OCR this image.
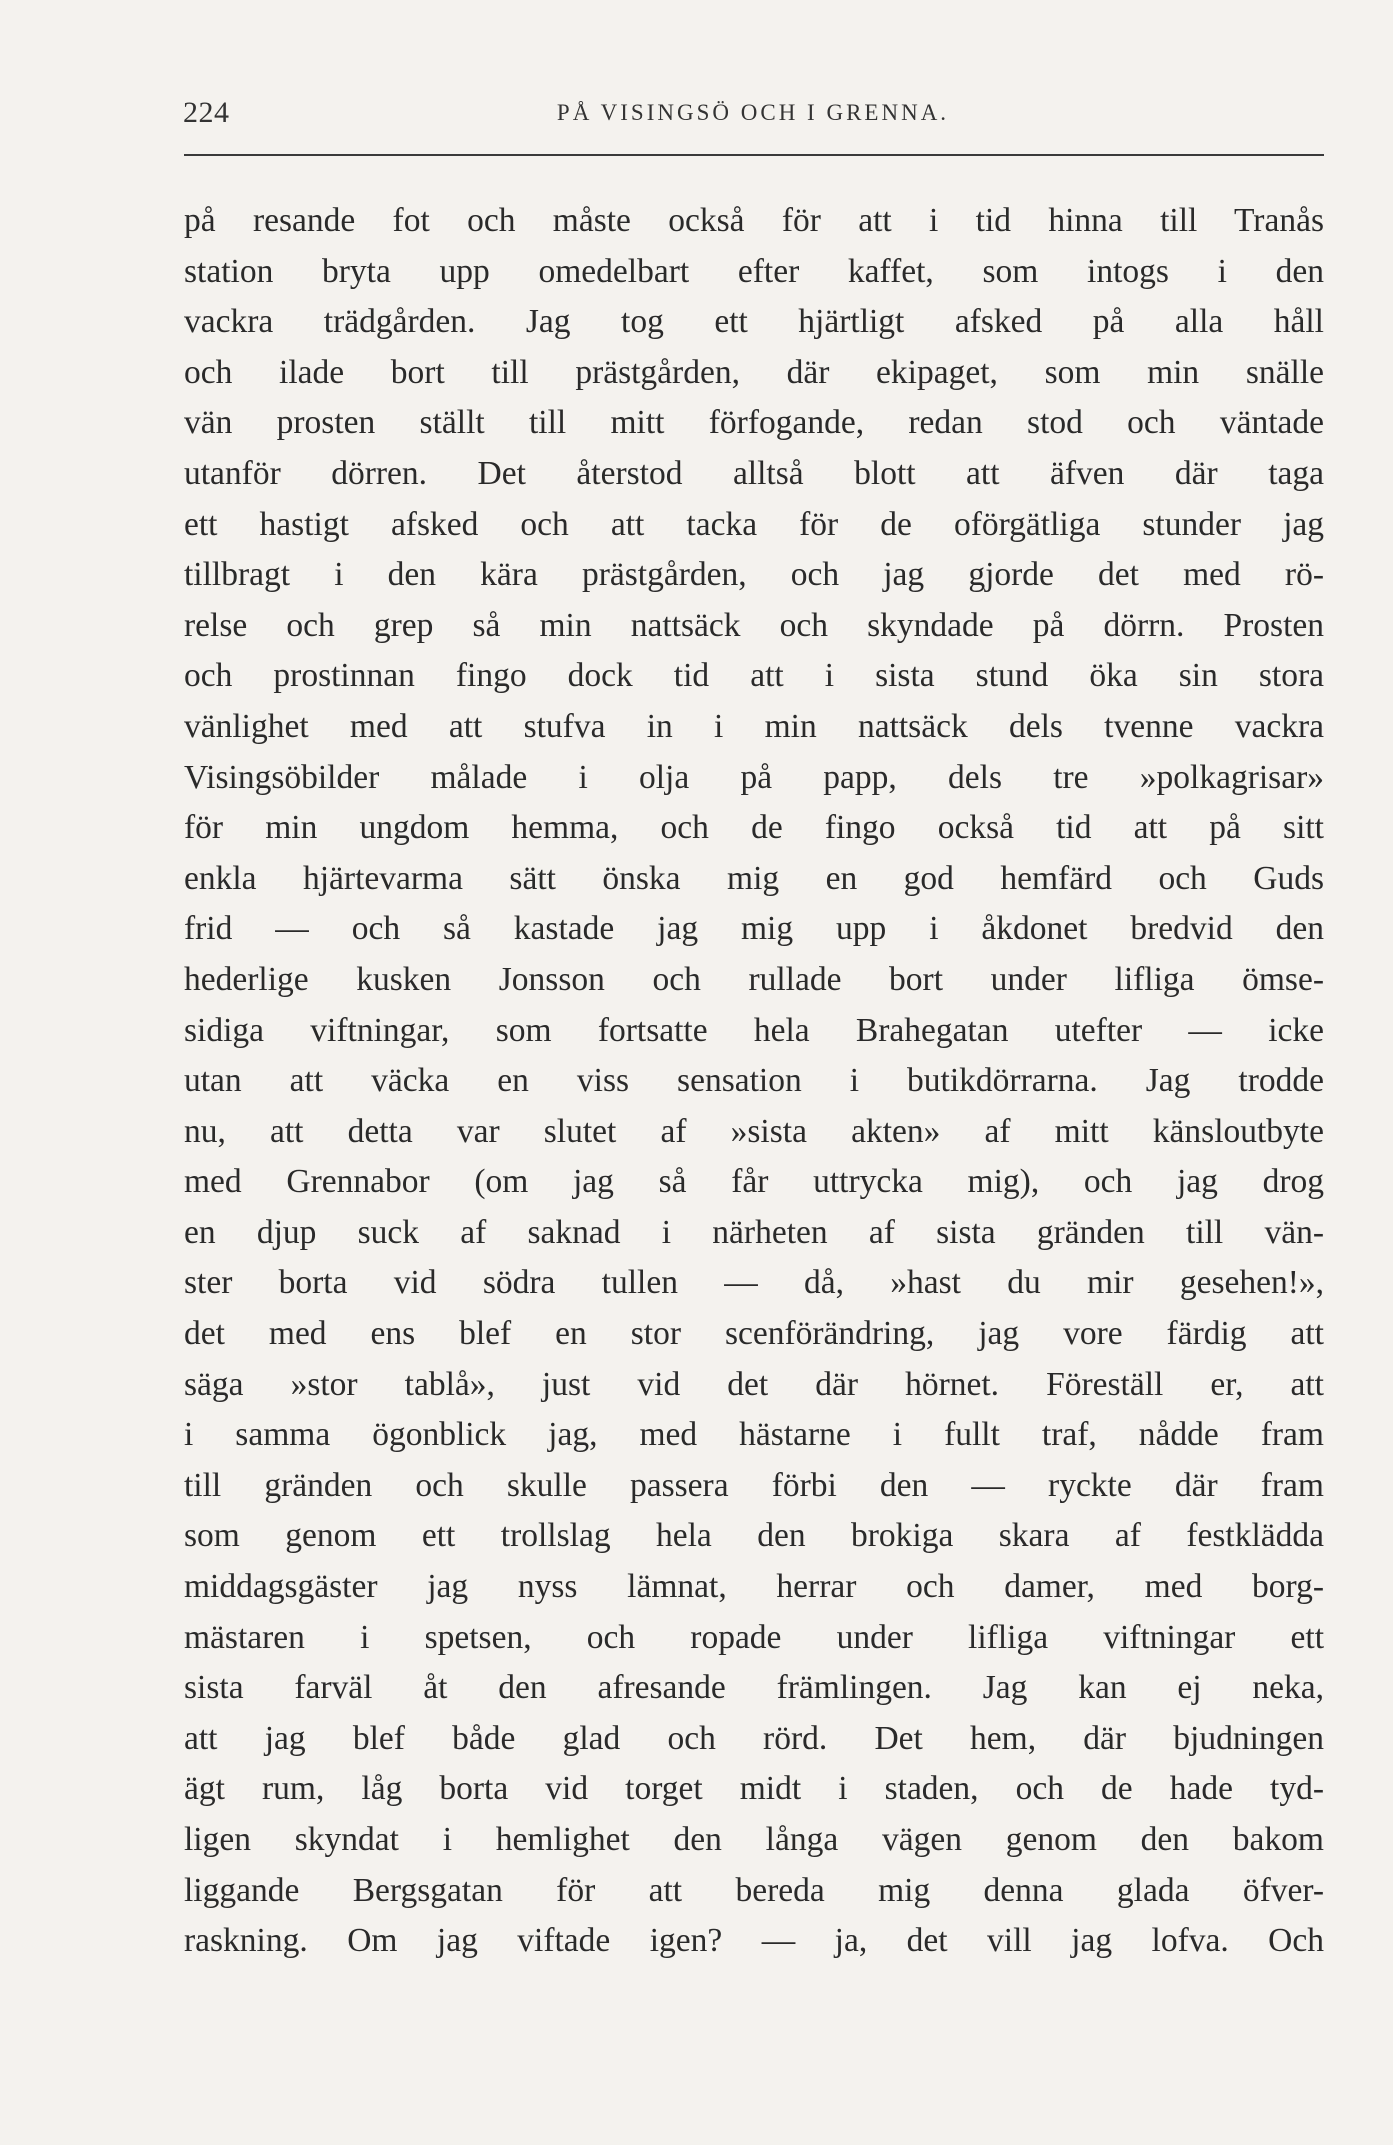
224	PÅ VISINGSÖ OCH I GRENNA.
på resande fot och måste också för att i tid hinna till Tranås
station bryta upp omedelbart efter kaffet, som intogs i den
vackra trädgården. Jag tog ett hjärtligt afsked på alla håll
och ilade bort till prästgården, där ekipaget, som min snälle
vän prosten ställt till mitt förfogande, redan stod och väntade
utanför dörren. Det återstod alltså blott att äfven där taga
ett hastigt afsked och att tacka för de oförgätliga stunder jag
tillbragt i den kära prästgården, och jag gjorde det med rö-
relse och grep så min nattsäck och skyndade på dörrn. Prosten
och prostinnan fingo dock tid att i sista stund öka sin stora
vänlighet med att stufva in i min nattsäck dels tvenne vackra
Visingsöbilder målade i olja på papp, dels tre »polkagrisar»
för min ungdom hemma, och de fingo också tid att på sitt
enkla hjärtevarma sätt önska mig en god hemfärd och Guds
frid — och så kastade jag mig upp i åkdonet bredvid den
hederlige kusken Jonsson och rullade bort under lifliga ömse-
sidiga viftningar, som fortsatte hela Brahegatan utefter — icke
utan att väcka en viss sensation i butikdörrarna. Jag trodde
nu, att detta var slutet af »sista akten» af mitt känsloutbyte
med Grennabor (om jag så får uttrycka mig), och jag drog
en djup suck af saknad i närheten af sista gränden till vän-
ster borta vid södra tullen — då, »hast du mir gesehen!»,
det med ens blef en stor scenförändring, jag vore färdig att
säga »stor tablå», just vid det där hörnet. Föreställ er, att
i samma ögonblick jag, med hästarne i fullt traf, nådde fram
till gränden och skulle passera förbi den — ryckte där fram
som genom ett trollslag hela den brokiga skara af festklädda
middagsgäster jag nyss lämnat, herrar och damer, med borg-
mästaren i spetsen, och ropade under lifliga viftningar ett
sista farväl åt den afresande främlingen. Jag kan ej neka,
att jag blef både glad och rörd. Det hem, där bjudningen
ägt rum, låg borta vid torget midt i staden, och de hade tyd-
ligen skyndat i hemlighet den långa vägen genom den bakom
liggande Bergsgatan för att bereda mig denna glada öfver-
raskning. Om jag viftade igen? — ja, det vill jag lofva. Och
